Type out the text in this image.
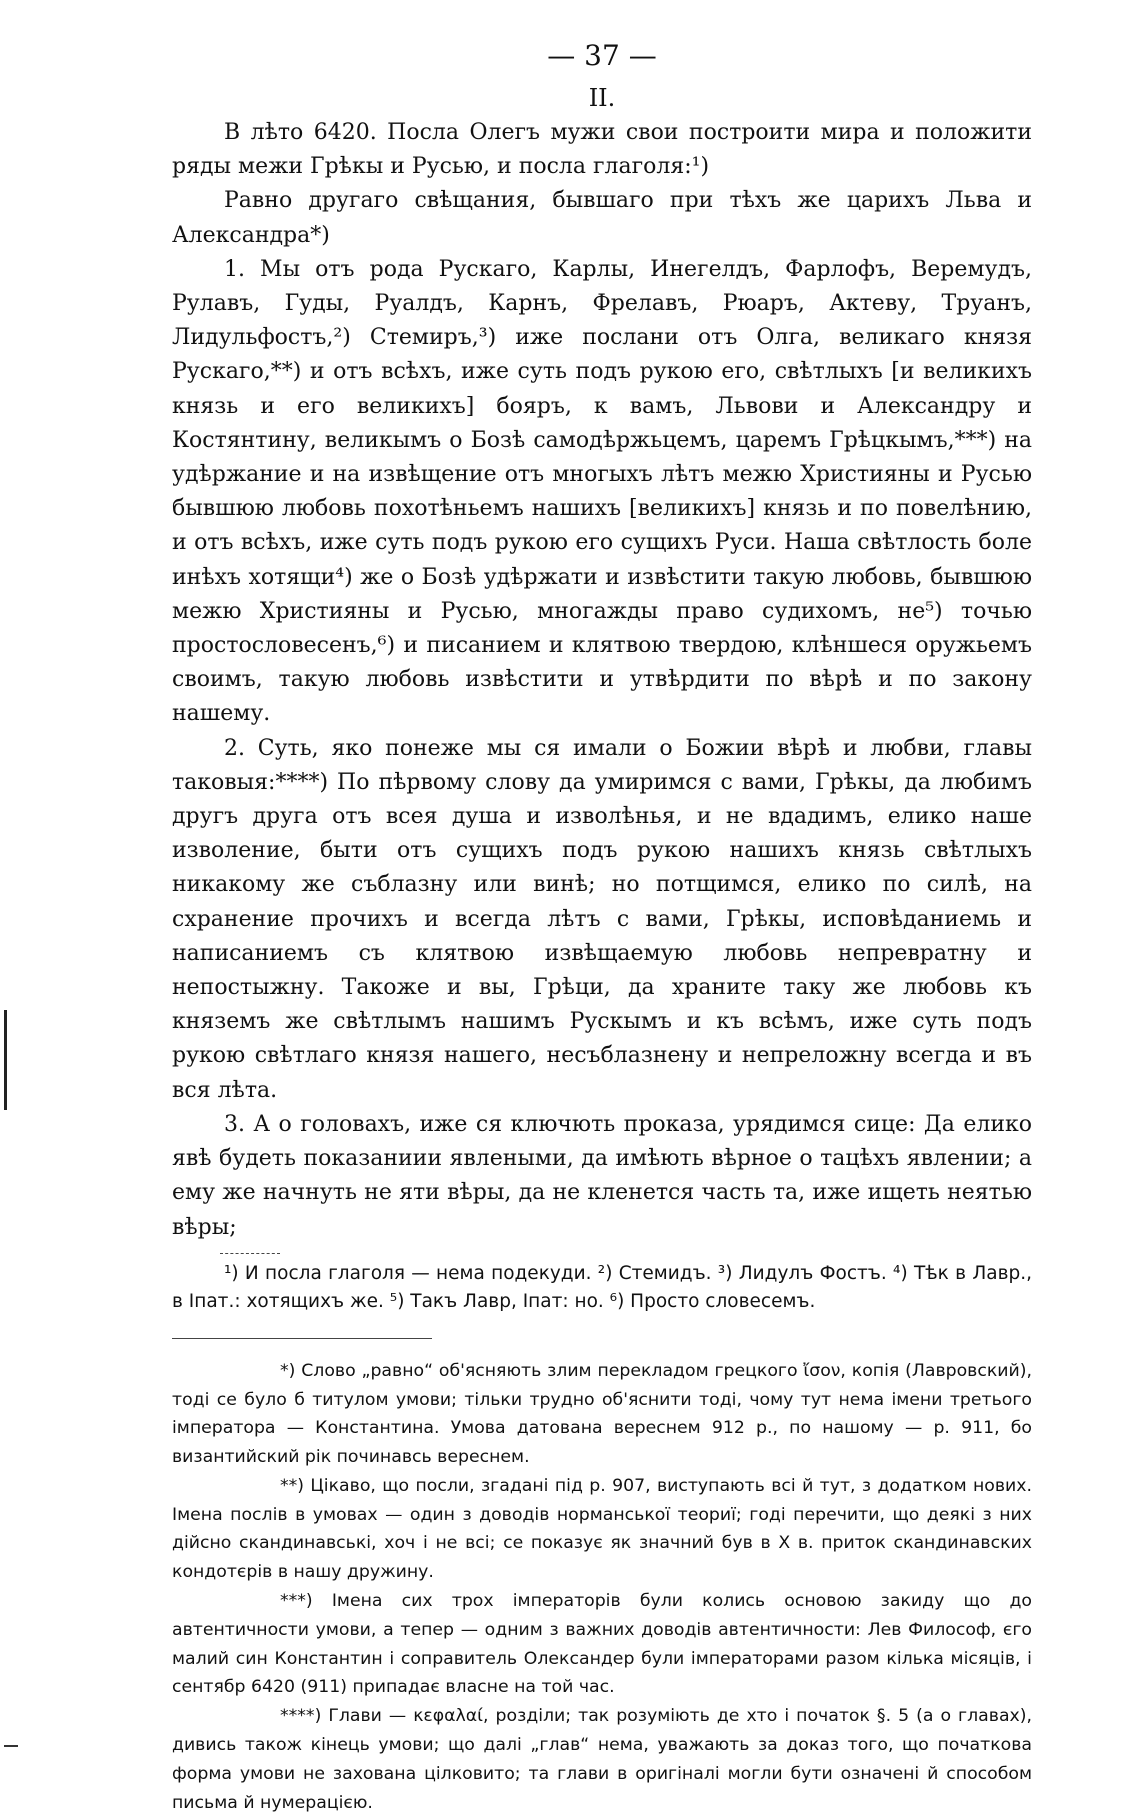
— 37 —
II.

В лѣто 6420. Посла Олегъ мужи свои построити мира и положити ряды межи Грѣкы и Русью, и посла глаголя:¹)

Равно другаго свѣщания, бывшаго при тѣхъ же царихъ Льва и Александра*)

1. Мы отъ рода Рускаго, Карлы, Инегелдъ, Фарлофъ, Веремудъ, Рулавъ, Гуды, Руалдъ, Карнъ, Фрелавъ, Рюаръ, Актеву, Труанъ, Лидульфостъ,²) Стемиръ,³) иже послани отъ Олга, великаго князя Рускаго,**) и отъ всѣхъ, иже суть подъ рукою его, свѣтлыхъ [и великихъ князь и его великихъ] бояръ, к вамъ, Львови и Александру и Костянтину, великымъ о Бозѣ самодѣржьцемъ, царемъ Грѣцкымъ,***) на удѣржание и на извѣщение отъ многыхъ лѣтъ межю Християны и Русью бывшюю любовь похотѣньемъ нашихъ [великихъ] князь и по повелѣнию, и отъ всѣхъ, иже суть подъ рукою его сущихъ Руси. Наша свѣтлость боле инѣхъ хотящи⁴) же о Бозѣ удѣржати и извѣстити такую любовь, бывшюю межю Християны и Русью, многажды право судихомъ, не⁵) точью простословесенъ,⁶) и писанием и клятвою твердою, клѣншеся оружьемъ своимъ, такую любовь извѣстити и утвѣрдити по вѣрѣ и по закону нашему.

2. Суть, яко понеже мы ся имали о Божии вѣрѣ и любви, главы таковыя:****) По пѣрвому слову да умиримся с вами, Грѣкы, да любимъ другъ друга отъ всея душа и изволѣнья, и не вдадимъ, елико наше изволение, быти отъ сущихъ подъ рукою нашихъ князь свѣтлыхъ никакому же съблазну или винѣ; но потщимся, елико по силѣ, на схранение прочихъ и всегда лѣтъ с вами, Грѣкы, исповѣданиемь и написаниемъ съ клятвою извѣщаемую любовь непревратну и непостыжну. Такоже и вы, Грѣци, да храните таку же любовь къ княземъ же свѣтлымъ нашимъ Рускымъ и къ всѣмъ, иже суть подъ рукою свѣтлаго князя нашего, несъблазнену и непреложну всегда и въ вся лѣта.

3. А о головахъ, иже ся ключють проказа, урядимся сице: Да елико явѣ будеть показаниии явлеными, да имѣють вѣрное о тацѣхъ явлении; а ему же начнуть не яти вѣры, да не кленется часть та, иже ищеть неятью вѣры;

¹) И посла глаголя — нема подекуди. ²) Стемидъ. ³) Лидулъ Фостъ. ⁴) Тѣк в Лавр., в Іпат.: хотящихъ же. ⁵) Такъ Лавр, Іпат: но. ⁶) Просто словесемъ.

*) Слово „равно“ об'ясняють злим перекладом грецкого ἴσον, копія (Лавровский), тоді се було б титулом умови; тільки трудно об'яснити тоді, чому тут нема імени третього імператора — Константина. Умова датована вереснем 912 р., по нашому — р. 911, бо византийский рік починавсь вереснем.

**) Цікаво, що посли, згадані під р. 907, виступають всі й тут, з додатком нових. Імена послів в умовах — один з доводів норманської теориї; годі перечити, що деякі з них дійсно скандинавські, хоч і не всі; се показує як значний був в X в. приток скандинавских кондотєрів в нашу дружину.

***) Імена сих трох імператорів були колись основою закиду що до автентичности умови, а тепер — одним з важних доводів автентичности: Лев Философ, єго малий син Константин і соправитель Олександер були імператорами разом кілька місяців, і сентябр 6420 (911) припадає власне на той час.

****) Глави — κεφαλαί, розділи; так розуміють де хто і початок §. 5 (а о главах), дивись також кінець умови; що далі „глав“ нема, уважають за доказ того, що початкова форма умови не захована цілковито; та глави в оригіналі могли бути означені й способом письма й нумерацією.
